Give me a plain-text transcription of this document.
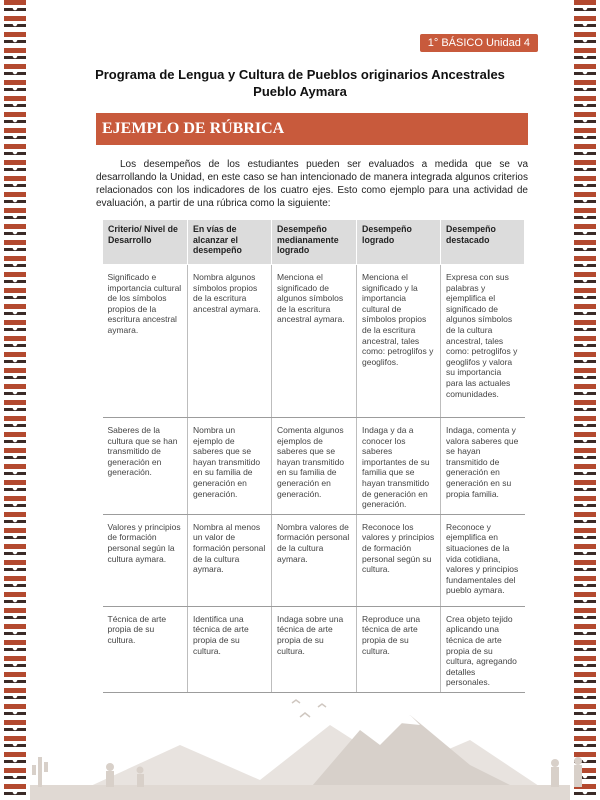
1° BÁSICO Unidad 4
Programa de Lengua y Cultura de Pueblos originarios Ancestrales
Pueblo Aymara
EJEMPLO DE RÚBRICA
Los desempeños de los estudiantes pueden ser evaluados a medida que se va desarrollando la Unidad, en este caso se han intencionado de manera integrada algunos criterios relacionados con los indicadores de los cuatro ejes. Esto como ejemplo para una actividad de evaluación, a partir de una rúbrica como la siguiente:
Criterio/ Nivel de Desarrollo	En vías de alcanzar el desempeño	Desempeño medianamente logrado	Desempeño logrado	Desempeño destacado
Significado e importancia cultural de los símbolos propios de la escritura ancestral aymara.	Nombra algunos símbolos propios de la escritura ancestral aymara.	Menciona el significado de algunos símbolos de la escritura ancestral aymara.	Menciona el significado y la importancia cultural de símbolos propios de la escritura ancestral, tales como: petroglifos y geoglifos.	Expresa con sus palabras y ejemplifica el significado de algunos símbolos de la cultura ancestral, tales como: petroglifos y geoglifos y valora su importancia para las actuales comunidades.
Saberes de la cultura que se han transmitido de generación en generación.	Nombra un ejemplo de saberes que se hayan transmitido en su familia de generación en generación.	Comenta algunos ejemplos de saberes que se hayan transmitido en su familia de generación en generación.	Indaga y da a conocer los saberes importantes de su familia que se hayan transmitido de generación en generación.	Indaga, comenta y valora saberes que se hayan transmitido de generación en generación en su propia familia.
Valores y principios de formación personal según la cultura aymara.	Nombra al menos un valor de formación personal de la cultura aymara.	Nombra valores de formación personal de la cultura aymara.	Reconoce los valores y principios de formación personal según su cultura.	Reconoce y ejemplifica en situaciones de la vida cotidiana, valores y principios fundamentales del pueblo aymara.
Técnica de arte propia de su cultura.	Identifica una técnica de arte propia de su cultura.	Indaga sobre una técnica de arte propia de su cultura.	Reproduce una técnica de arte propia de su cultura.	Crea objeto tejido aplicando una técnica de arte propia de su cultura, agregando detalles personales.
